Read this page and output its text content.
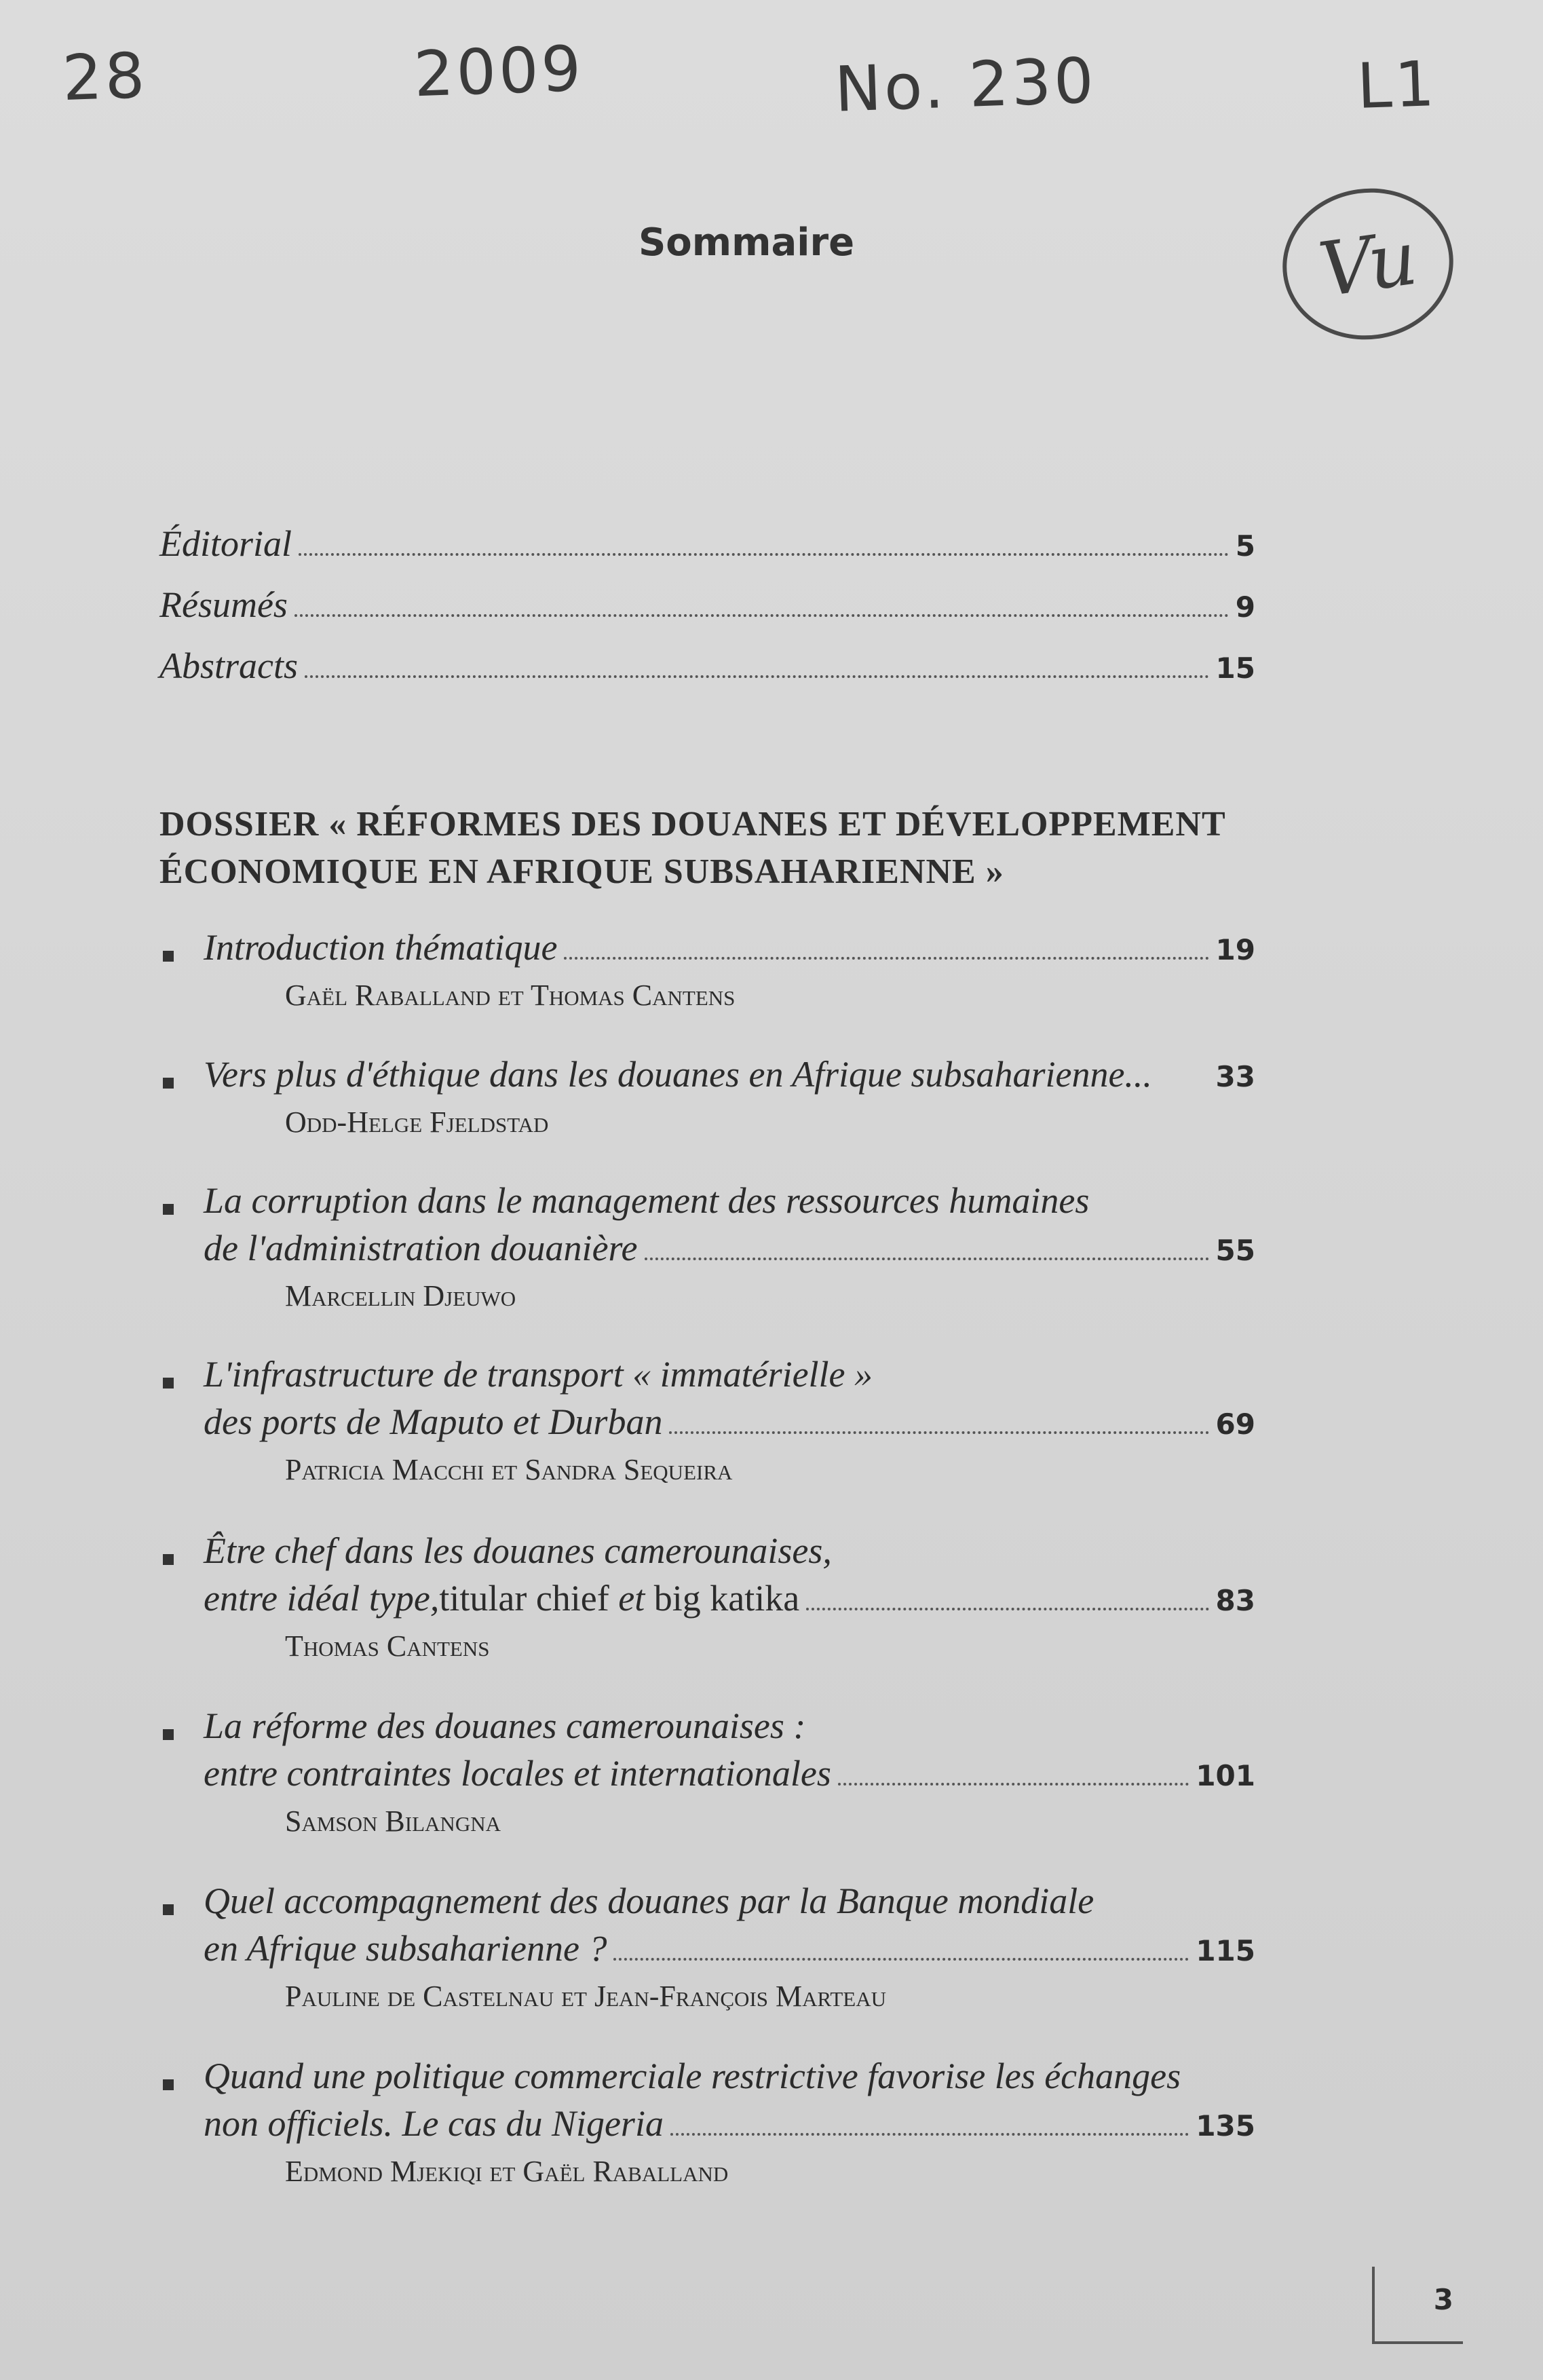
28	2009	No. 230	L1
Vu
Sommaire
Éditorial	5
Résumés	9
Abstracts	15
DOSSIER « RÉFORMES DES DOUANES ET DÉVELOPPEMENT
ÉCONOMIQUE EN AFRIQUE SUBSAHARIENNE »
Introduction thématique	19
Gaël Raballand et Thomas Cantens
Vers plus d'éthique dans les douanes en Afrique subsaharienne... 33
Odd-Helge Fjeldstad
La corruption dans le management des ressources humaines
de l'administration douanière	55
Marcellin Djeuwo
L'infrastructure de transport « immatérielle »
des ports de Maputo et Durban	69
Patricia Macchi et Sandra Sequeira
Être chef dans les douanes camerounaises,
entre idéal type, titular chief et big katika	83
Thomas Cantens
La réforme des douanes camerounaises :
entre contraintes locales et internationales	101
Samson Bilangna
Quel accompagnement des douanes par la Banque mondiale
en Afrique subsaharienne ?	115
Pauline de Castelnau et Jean-François Marteau
Quand une politique commerciale restrictive favorise les échanges
non officiels. Le cas du Nigeria	135
Edmond Mjekiqi et Gaël Raballand
3
